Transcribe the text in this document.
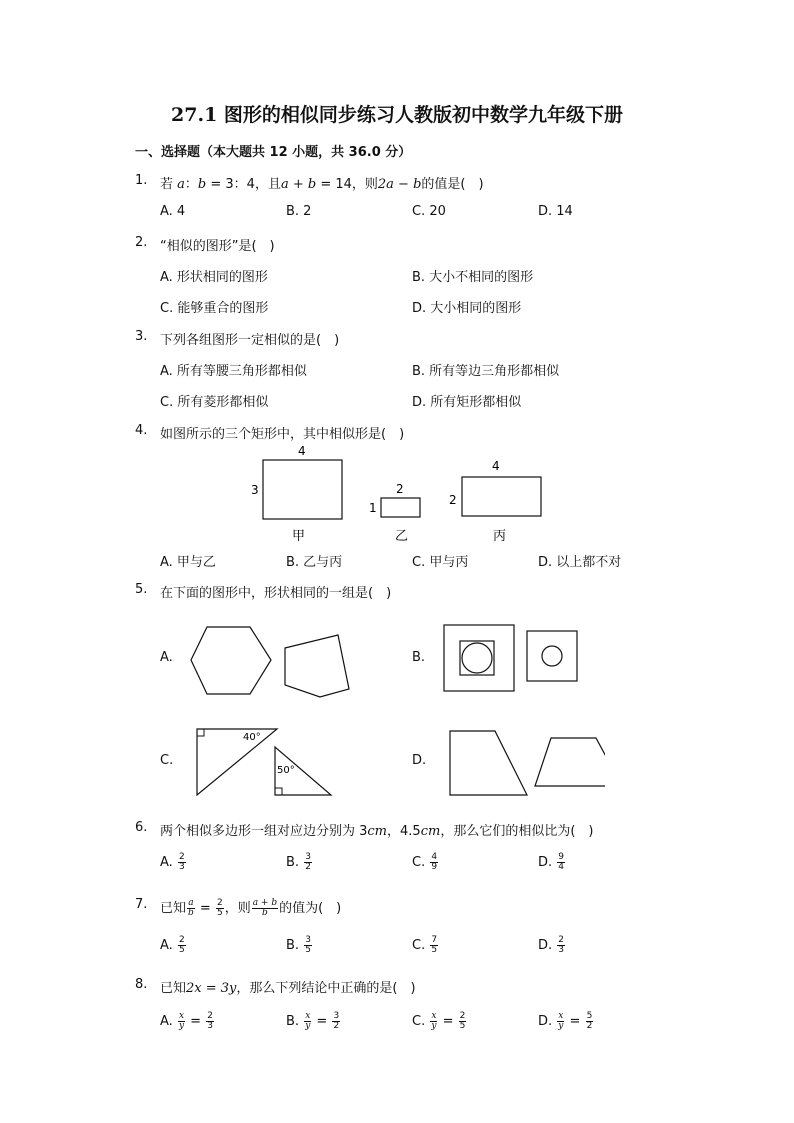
27.1 图形的相似同步练习人教版初中数学九年级下册
一、选择题（本大题共 12 小题，共 36.0 分）
1. 若 a：b = 3：4，且a + b = 14，则2a − b的值是(　)
A. 4	B. 2	C. 20	D. 14
2. “相似的图形”是(　)
A. 形状相同的图形	B. 大小不相同的图形
C. 能够重合的图形	D. 大小相同的图形
3. 下列各组图形一定相似的是(　)
A. 所有等腰三角形都相似	B. 所有等边三角形都相似
C. 所有菱形都相似	D. 所有矩形都相似
4. 如图所示的三个矩形中，其中相似形是(　)
4
3
甲
2
1
乙
4
2
丙
A. 甲与乙	B. 乙与丙	C. 甲与丙	D. 以上都不对
5. 在下面的图形中，形状相同的一组是(　)
A.	B.
C.	D.
40°
50°
6. 两个相似多边形一组对应边分别为 3cm，4.5cm，那么它们的相似比为(　)
A. $\frac{2}{3}$	B. $\frac{3}{2}$	C. $\frac{4}{9}$	D. $\frac{9}{4}$
7. 已知 $\frac{a}{b} = \frac{2}{5}$ ，则 $\frac{a + b}{b}$ 的值为(　)
A. $\frac{2}{5}$	B. $\frac{3}{5}$	C. $\frac{7}{5}$	D. $\frac{2}{3}$
8. 已知2x = 3y，那么下列结论中正确的是(　)
A. $\frac{x}{y} = \frac{2}{3}$	B. $\frac{x}{y} = \frac{3}{2}$	C. $\frac{x}{y} = \frac{2}{5}$	D. $\frac{x}{y} = \frac{5}{2}$
